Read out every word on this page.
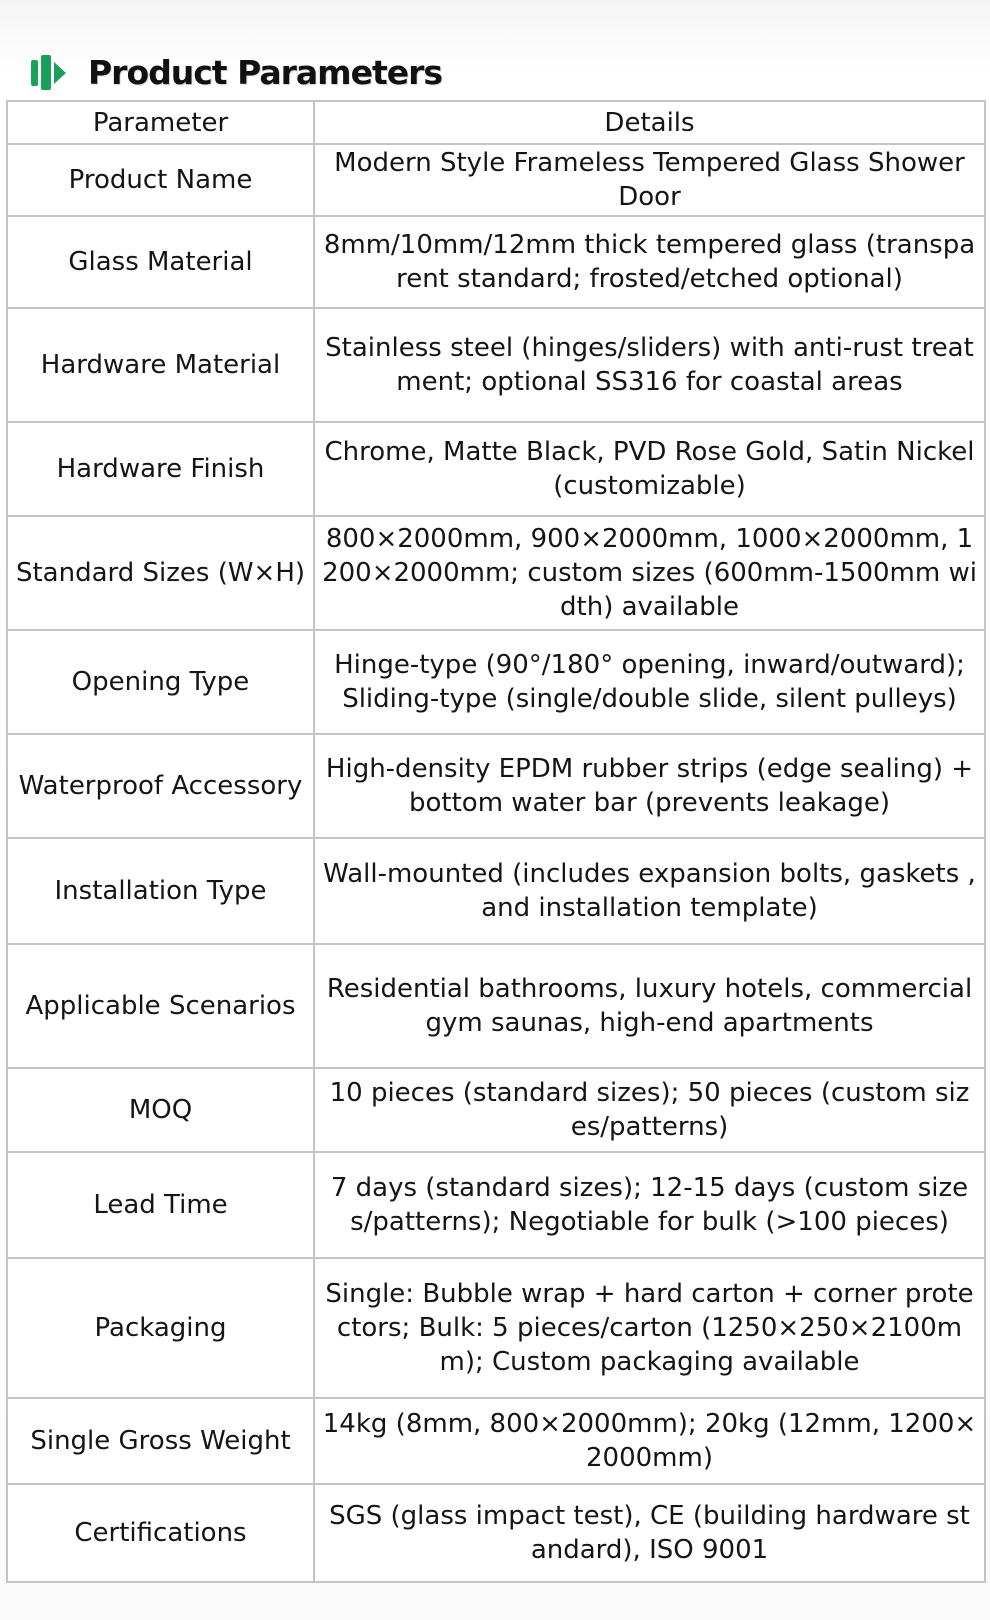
Product Parameters
Parameter	Details
Product Name	Modern Style Frameless Tempered Glass Shower Door
Glass Material	8mm/10mm/12mm thick tempered glass (transparent standard; frosted/etched optional)
Hardware Material	Stainless steel (hinges/sliders) with anti-rust treatment; optional SS316 for coastal areas
Hardware Finish	Chrome, Matte Black, PVD Rose Gold, Satin Nickel (customizable)
Standard Sizes (W×H)	800×2000mm, 900×2000mm, 1000×2000mm, 1200×2000mm; custom sizes (600mm-1500mm width) available
Opening Type	Hinge-type (90°/180° opening, inward/outward); Sliding-type (single/double slide, silent pulleys)
Waterproof Accessory	High-density EPDM rubber strips (edge sealing) + bottom water bar (prevents leakage)
Installation Type	Wall-mounted (includes expansion bolts, gaskets , and installation template)
Applicable Scenarios	Residential bathrooms, luxury hotels, commercial gym saunas, high-end apartments
MOQ	10 pieces (standard sizes); 50 pieces (custom sizes/patterns)
Lead Time	7 days (standard sizes); 12-15 days (custom sizes/patterns); Negotiable for bulk (>100 pieces)
Packaging	Single: Bubble wrap + hard carton + corner protectors; Bulk: 5 pieces/carton (1250×250×2100mm); Custom packaging available
Single Gross Weight	14kg (8mm, 800×2000mm); 20kg (12mm, 1200×2000mm)
Certifications	SGS (glass impact test), CE (building hardware standard), ISO 9001
